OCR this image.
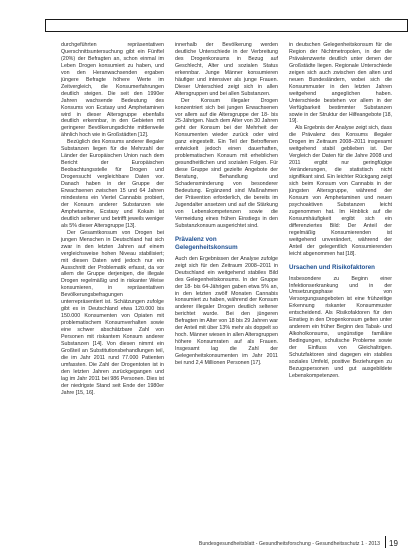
durchgeführten repräsentativen Querschnittsuntersuchung gibt ein Fünftel (20%) der Befragten an, schon einmal im Leben Drogen konsumiert zu haben, und von den Heranwachsenden ergaben jüngere Befragte höhere Werte im Zeitvergleich, die Konsumerfahrungen deutlich steigen. Die seit den 1990er Jahren wachsende Bedeutung des Konsums von Ecstasy und Amphetaminen wird in dieser Altersgruppe ebenfalls deutlich erkennbar, in den Gebieten mit geringerer Bevölkerungsdichte mittlerweile ähnlich hoch wie in Großstädten [12].

Bezüglich des Konsums anderer illegaler Substanzen liegen für die Mehrzahl der Länder der Europäischen Union nach dem Bericht der Europäischen Beobachtungsstelle für Drogen und Drogensucht vergleichbare Daten vor. Danach haben in der Gruppe der Erwachsenen zwischen 15 und 64 Jahren mindestens ein Viertel Cannabis probiert, der Konsum anderer Substanzen wie Amphetamine, Ecstasy und Kokain ist deutlich seltener und betrifft jeweils weniger als 5% dieser Altersgruppe [13].

Der Gesamtkonsum von Drogen bei jungen Menschen in Deutschland hat sich zwar in den letzten Jahren auf einem vergleichsweise hohen Niveau stabilisiert; mit diesen Daten wird jedoch nur ein Ausschnitt der Problematik erfasst, da vor allem die Gruppe derjenigen, die illegale Drogen regelmäßig und in riskanter Weise konsumieren, in repräsentativen Bevölkerungsbefragungen unterrepräsentiert ist. Schätzungen zufolge gibt es in Deutschland etwa 120.000 bis 150.000 Konsumenten von Opiaten mit problematischem Konsumverhalten sowie eine schwer abschätzbare Zahl von Personen mit riskantem Konsum anderer Substanzen [14]. Von diesen nimmt ein Großteil an Substitutionsbehandlungen teil, die im Jahr 2011 rund 77.000 Patienten umfassten. Die Zahl der Drogentoten ist in den letzten Jahren zurückgegangen und lag im Jahr 2011 bei 986 Personen. Dies ist der niedrigste Stand seit Ende der 1980er Jahre [15, 16].

innerhalb der Bevölkerung werden deutliche Unterschiede in der Verbreitung des Drogenkonsums in Bezug auf Geschlecht, Alter und sozialen Status erkennbar. Junge Männer konsumieren häufiger und intensiver als junge Frauen. Dieser Unterschied zeigt sich in allen Altersgruppen und bei allen Substanzen.

Der Konsum illegaler Drogen konzentriert sich bei jungen Erwachsenen vor allem auf die Altersgruppe der 18- bis 25-Jährigen. Nach dem Alter von 30 Jahren geht der Konsum bei der Mehrheit der Konsumenten wieder zurück oder wird ganz eingestellt. Ein Teil der Betroffenen entwickelt jedoch einen dauerhaften, problematischen Konsum mit erheblichen gesundheitlichen und sozialen Folgen. Für diese Gruppe sind gezielte Angebote der Beratung, Behandlung und Schadensminderung von besonderer Bedeutung. Ergänzend sind Maßnahmen der Prävention erforderlich, die bereits im Jugendalter ansetzen und auf die Stärkung von Lebenskompetenzen sowie die Vermeidung eines frühen Einstiegs in den Substanzkonsum ausgerichtet sind.

Prävalenz von Gelegenheitskonsum

Auch den Ergebnissen der Analyse zufolge zeigt sich für den Zeitraum 2008–2011 in Deutschland ein weitgehend stabiles Bild des Gelegenheitskonsums. In der Gruppe der 18- bis 64-Jährigen gaben etwa 5% an, in den letzten zwölf Monaten Cannabis konsumiert zu haben, während der Konsum anderer illegaler Drogen deutlich seltener berichtet wurde. Bei den jüngeren Befragten im Alter von 18 bis 29 Jahren war der Anteil mit über 13% mehr als doppelt so hoch. Männer wiesen in allen Altersgruppen höhere Konsumraten auf als Frauen. Insgesamt lag die Zahl der Gelegenheitskonsumenten im Jahr 2011 bei rund 2,4 Millionen Personen [17].

in deutschen Gelegenheitskonsum für die Region der Nichtmetropolen, in der die Prävalenzwerte deutlich unter denen der Großstädte liegen. Regionale Unterschiede zeigen sich auch zwischen den alten und neuen Bundesländern, wobei sich die Konsummuster in den letzten Jahren weitgehend angeglichen haben. Unterschiede bestehen vor allem in der Verfügbarkeit bestimmter Substanzen sowie in der Struktur der Hilfeangebote [18, 19].

Als Ergebnis der Analyse zeigt sich, dass die Prävalenz des Konsums illegaler Drogen im Zeitraum 2008–2011 insgesamt weitgehend stabil geblieben ist. Der Vergleich der Daten für die Jahre 2008 und 2011 ergibt nur geringfügige Veränderungen, die statistisch nicht signifikant sind. Ein leichter Rückgang zeigt sich beim Konsum von Cannabis in der jüngsten Altersgruppe, während der Konsum von Amphetaminen und neuen psychoaktiven Substanzen leicht zugenommen hat. Im Hinblick auf die Konsumhäufigkeit ergibt sich ein differenziertes Bild: Der Anteil der regelmäßig Konsumierenden ist weitgehend unverändert, während der Anteil der gelegentlich Konsumierenden leicht abgenommen hat [18].

Ursachen und Risikofaktoren

Insbesondere zu Beginn einer Infektionserkrankung und in der Umsetzungsphase von Versorgungsangeboten ist eine frühzeitige Erkennung riskanter Konsummuster entscheidend. Als Risikofaktoren für den Einstieg in den Drogenkonsum gelten unter anderem ein früher Beginn des Tabak- und Alkoholkonsums, ungünstige familiäre Bedingungen, schulische Probleme sowie der Einfluss von Gleichaltrigen. Schutzfaktoren sind dagegen ein stabiles soziales Umfeld, positive Beziehungen zu Bezugspersonen und gut ausgebildete Lebenskompetenzen.

Bundesgesundheitsblatt - Gesundheitsforschung - Gesundheitsschutz 1 · 2013 19
